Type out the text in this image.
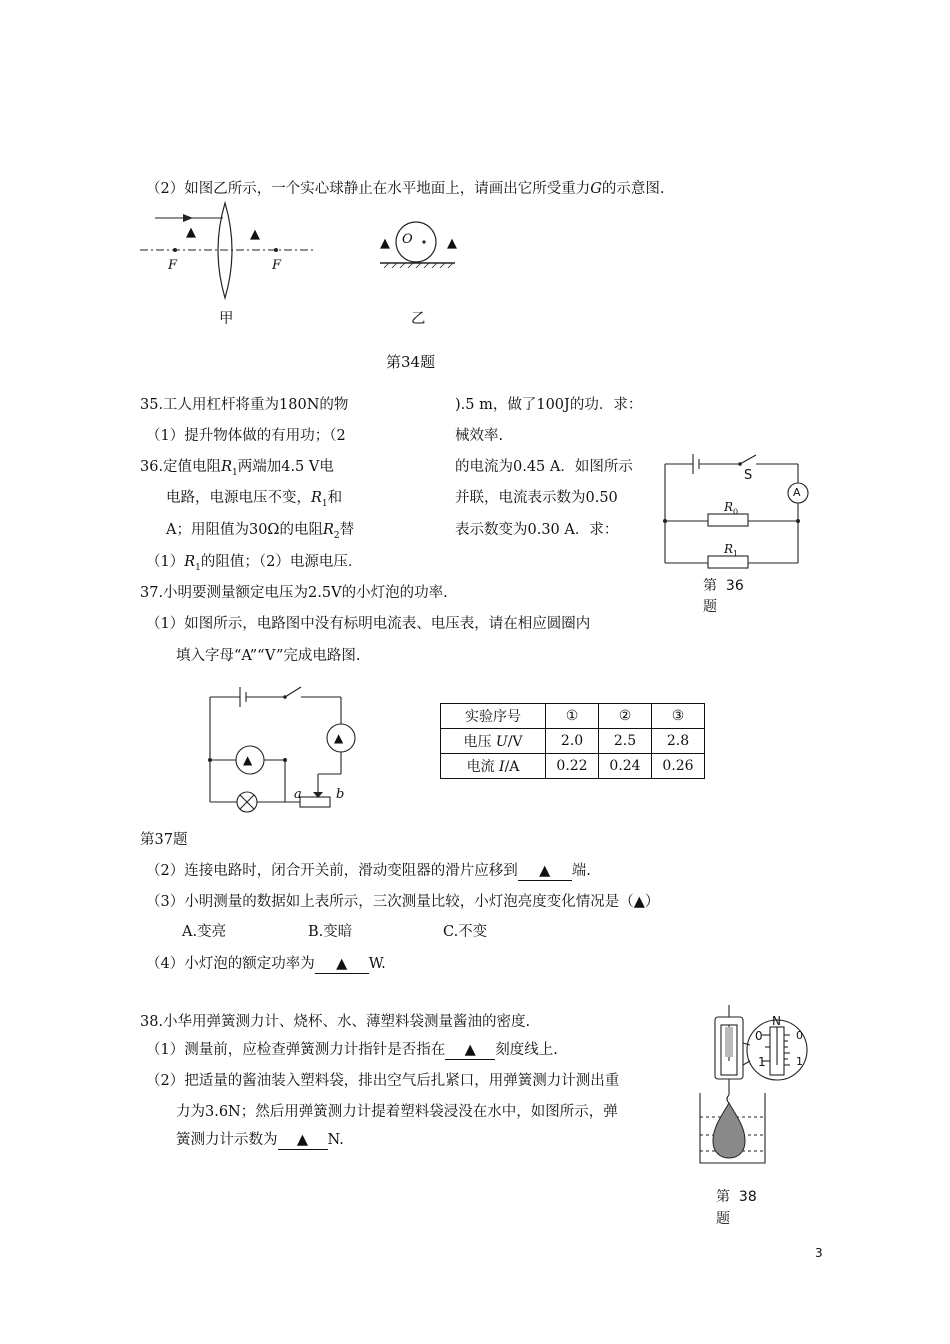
（2）如图乙所示，一个实心球静止在水平地面上，请画出它所受重力G的示意图.
▲	▲
F	F
甲
▲	▲
O
乙
第34题
35.工人用杠杆将重为180N的物	).5 m，做了100J的功．求：
（1）提升物体做的有用功；（2	械效率.
36.定值电阻$R_1$两端加4.5 V电	的电流为0.45 A．如图所示
电路，电源电压不变，$R_1$和	并联，电流表示数为0.50
A；用阻值为30Ω的电阻$R_2$替	表示数变为0.30 A．求：
$(1)R_1$的阻值；（2）电源电压．
S
A
$R_0$
$R_1$
第 36
题
37.小明要测量额定电压为2.5V的小灯泡的功率.
（1）如图所示，电路图中没有标明电流表、电压表，请在相应圆圈内
填入字母“A”“V”完成电路图.
▲
▲
a	b
实验序号	①	②	③
电压 U/V	2.0	2.5	2.8
电流 I/A	0.22	0.24	0.26
第37题
（2）连接电路时，闭合开关前，滑动变阻器的滑片应移到 ▲ 端.
（3）小明测量的数据如上表所示，三次测量比较，小灯泡亮度变化情况是（▲）
A.变亮	B.变暗	C.不变
（4）小灯泡的额定功率为 ▲ W.
38.小华用弹簧测力计、烧杯、水、薄塑料袋测量酱油的密度.
（1）测量前，应检查弹簧测力计指针是否指在 ▲ 刻度线上.
（2）把适量的酱油装入塑料袋，排出空气后扎紧口，用弹簧测力计测出重
力为3.6N；然后用弹簧测力计提着塑料袋浸没在水中，如图所示，弹
簧测力计示数为 ▲ N.
N
0
1
0
1
第 38
题
3
